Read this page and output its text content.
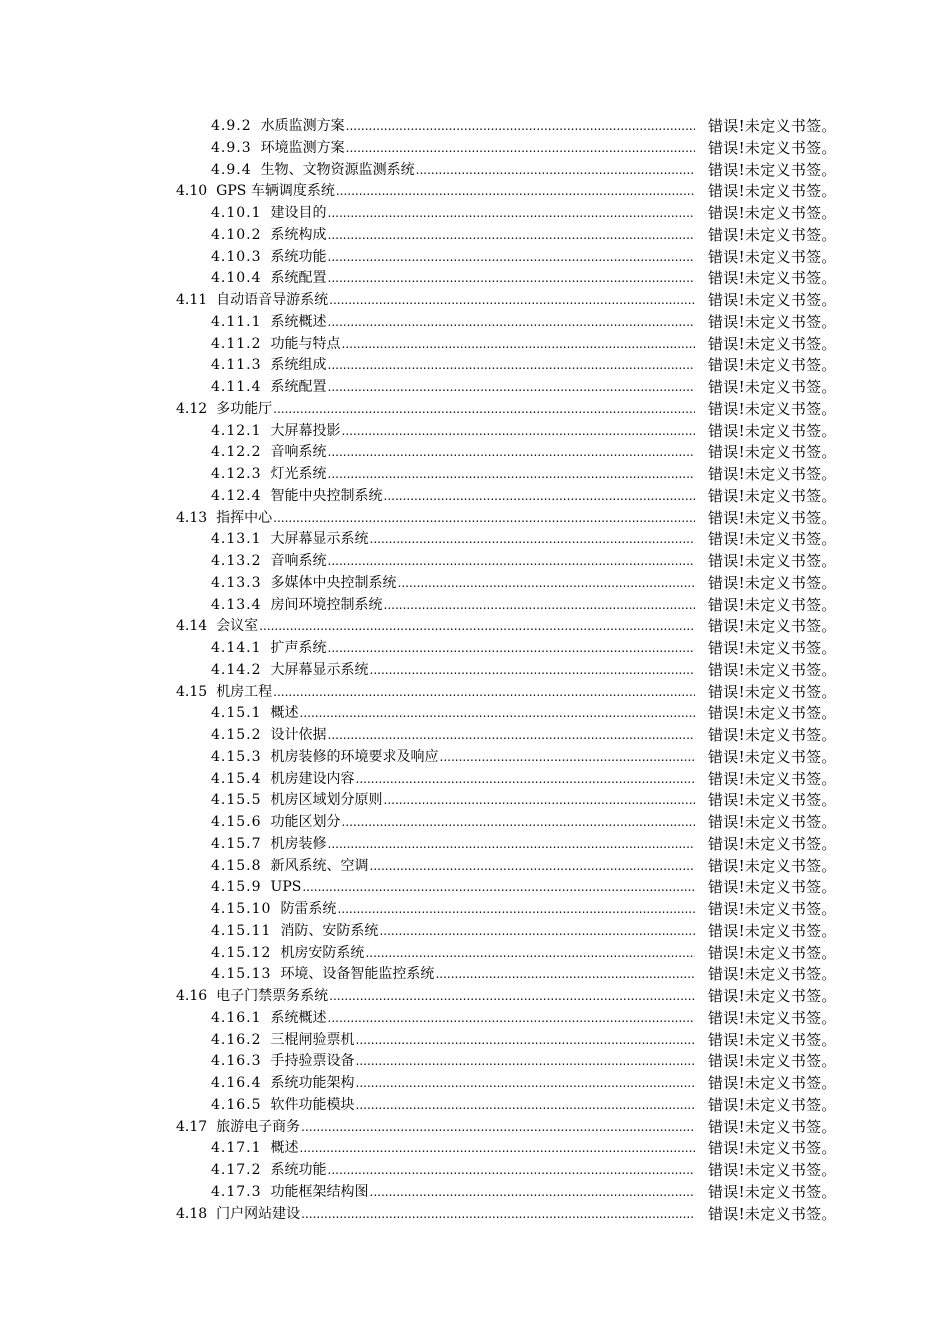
4.9.2 水质监测方案 .....	错误!未定义书签。
4.9.3 环境监测方案 .....	错误!未定义书签。
4.9.4 生物、文物资源监测系统 .....	错误!未定义书签。
4.10 GPS 车辆调度系统 .....	错误!未定义书签。
4.10.1 建设目的 .....	错误!未定义书签。
4.10.2 系统构成 .....	错误!未定义书签。
4.10.3 系统功能 .....	错误!未定义书签。
4.10.4 系统配置 .....	错误!未定义书签。
4.11 自动语音导游系统 .....	错误!未定义书签。
4.11.1 系统概述 .....	错误!未定义书签。
4.11.2 功能与特点 .....	错误!未定义书签。
4.11.3 系统组成 .....	错误!未定义书签。
4.11.4 系统配置 .....	错误!未定义书签。
4.12 多功能厅 .....	错误!未定义书签。
4.12.1 大屏幕投影 .....	错误!未定义书签。
4.12.2 音响系统 .....	错误!未定义书签。
4.12.3 灯光系统 .....	错误!未定义书签。
4.12.4 智能中央控制系统 .....	错误!未定义书签。
4.13 指挥中心 .....	错误!未定义书签。
4.13.1 大屏幕显示系统 .....	错误!未定义书签。
4.13.2 音响系统 .....	错误!未定义书签。
4.13.3 多媒体中央控制系统 .....	错误!未定义书签。
4.13.4 房间环境控制系统 .....	错误!未定义书签。
4.14 会议室 .....	错误!未定义书签。
4.14.1 扩声系统 .....	错误!未定义书签。
4.14.2 大屏幕显示系统 .....	错误!未定义书签。
4.15 机房工程 .....	错误!未定义书签。
4.15.1 概述 .....	错误!未定义书签。
4.15.2 设计依据 .....	错误!未定义书签。
4.15.3 机房装修的环境要求及响应 .....	错误!未定义书签。
4.15.4 机房建设内容 .....	错误!未定义书签。
4.15.5 机房区域划分原则 .....	错误!未定义书签。
4.15.6 功能区划分 .....	错误!未定义书签。
4.15.7 机房装修 .....	错误!未定义书签。
4.15.8 新风系统、空调 .....	错误!未定义书签。
4.15.9 UPS .....	错误!未定义书签。
4.15.10 防雷系统 .....	错误!未定义书签。
4.15.11 消防、安防系统 .....	错误!未定义书签。
4.15.12 机房安防系统 .....	错误!未定义书签。
4.15.13 环境、设备智能监控系统 .....	错误!未定义书签。
4.16 电子门禁票务系统 .....	错误!未定义书签。
4.16.1 系统概述 .....	错误!未定义书签。
4.16.2 三棍闸验票机 .....	错误!未定义书签。
4.16.3 手持验票设备 .....	错误!未定义书签。
4.16.4 系统功能架构 .....	错误!未定义书签。
4.16.5 软件功能模块 .....	错误!未定义书签。
4.17 旅游电子商务 .....	错误!未定义书签。
4.17.1 概述 .....	错误!未定义书签。
4.17.2 系统功能 .....	错误!未定义书签。
4.17.3 功能框架结构图 .....	错误!未定义书签。
4.18 门户网站建设 .....	错误!未定义书签。
